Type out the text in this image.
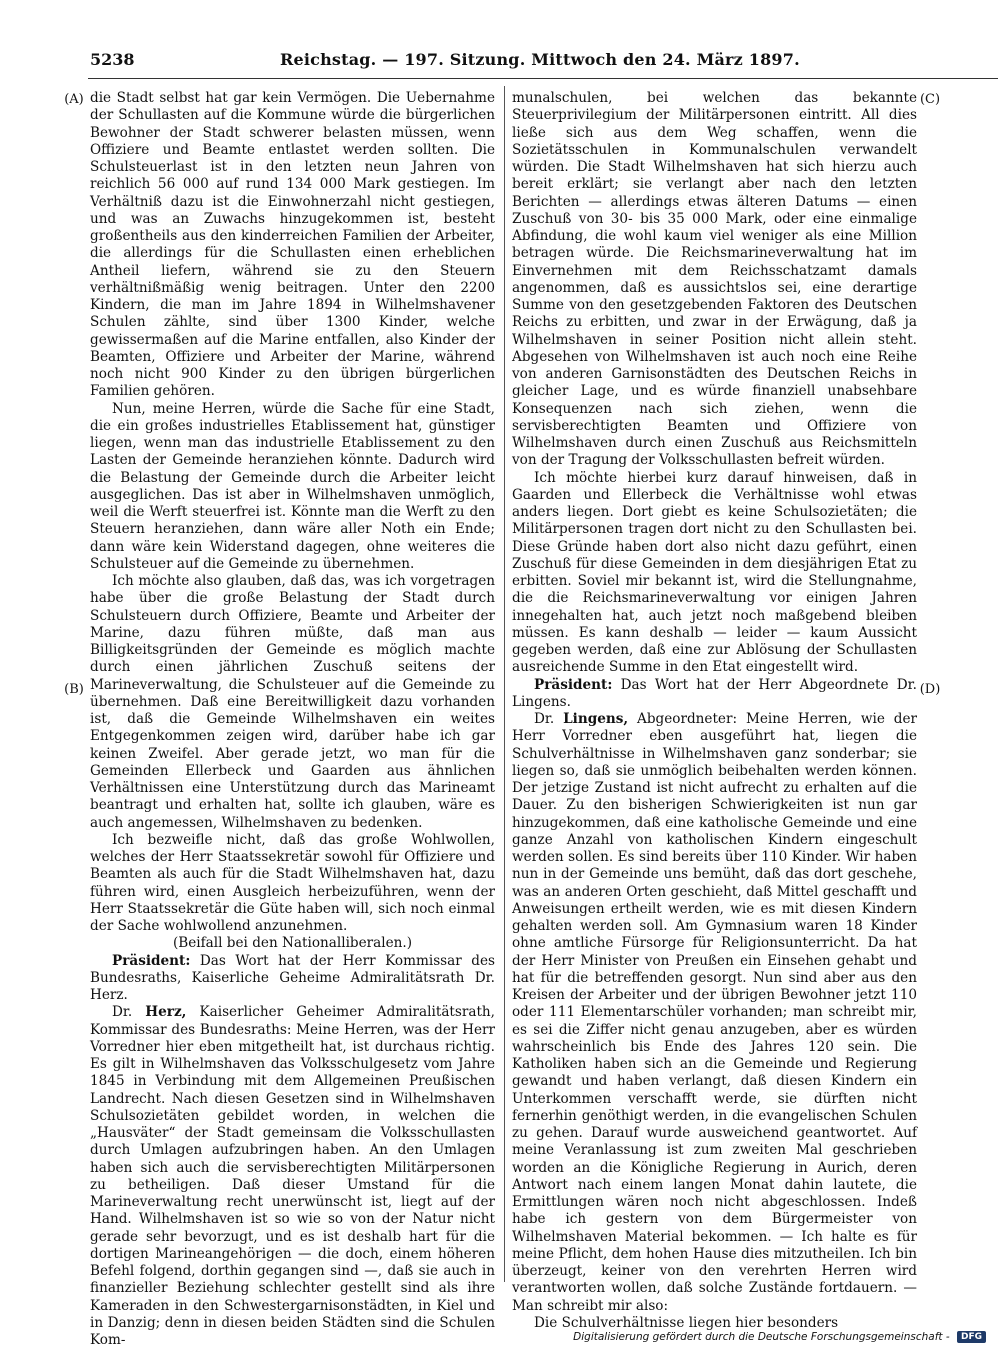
5238	Reichstag. — 197. Sitzung. Mittwoch den 24. März 1897.
(A)
(B)
(C)
(D)

die Stadt selbst hat gar kein Vermögen. Die Uebernahme der Schullasten auf die Kommune würde die bürgerlichen Bewohner der Stadt schwerer belasten müssen, wenn Offiziere und Beamte entlastet werden sollten. Die Schulsteuerlast ist in den letzten neun Jahren von reichlich 56 000 auf rund 134 000 Mark gestiegen. Im Verhältniß dazu ist die Einwohnerzahl nicht gestiegen, und was an Zuwachs hinzugekommen ist, besteht großentheils aus den kinderreichen Familien der Arbeiter, die allerdings für die Schullasten einen erheblichen Antheil liefern, während sie zu den Steuern verhältnißmäßig wenig beitragen. Unter den 2200 Kindern, die man im Jahre 1894 in Wilhelmshavener Schulen zählte, sind über 1300 Kinder, welche gewissermaßen auf die Marine entfallen, also Kinder der Beamten, Offiziere und Arbeiter der Marine, während noch nicht 900 Kinder zu den übrigen bürgerlichen Familien gehören.

Nun, meine Herren, würde die Sache für eine Stadt, die ein großes industrielles Etablissement hat, günstiger liegen, wenn man das industrielle Etablissement zu den Lasten der Gemeinde heranziehen könnte. Dadurch wird die Belastung der Gemeinde durch die Arbeiter leicht ausgeglichen. Das ist aber in Wilhelmshaven unmöglich, weil die Werft steuerfrei ist. Könnte man die Werft zu den Steuern heranziehen, dann wäre aller Noth ein Ende; dann wäre kein Widerstand dagegen, ohne weiteres die Schulsteuer auf die Gemeinde zu übernehmen.

Ich möchte also glauben, daß das, was ich vorgetragen habe über die große Belastung der Stadt durch Schulsteuern durch Offiziere, Beamte und Arbeiter der Marine, dazu führen müßte, daß man aus Billigkeitsgründen der Gemeinde es möglich machte durch einen jährlichen Zuschuß seitens der Marineverwaltung, die Schulsteuer auf die Gemeinde zu übernehmen. Daß eine Bereitwilligkeit dazu vorhanden ist, daß die Gemeinde Wilhelmshaven ein weites Entgegenkommen zeigen wird, darüber habe ich gar keinen Zweifel. Aber gerade jetzt, wo man für die Gemeinden Ellerbeck und Gaarden aus ähnlichen Verhältnissen eine Unterstützung durch das Marineamt beantragt und erhalten hat, sollte ich glauben, wäre es auch angemessen, Wilhelmshaven zu bedenken.

Ich bezweifle nicht, daß das große Wohlwollen, welches der Herr Staatssekretär sowohl für Offiziere und Beamten als auch für die Stadt Wilhelmshaven hat, dazu führen wird, einen Ausgleich herbeizuführen, wenn der Herr Staatssekretär die Güte haben will, sich noch einmal der Sache wohlwollend anzunehmen.

(Beifall bei den Nationalliberalen.)

Präsident: Das Wort hat der Herr Kommissar des Bundesraths, Kaiserliche Geheime Admiralitätsrath Dr. Herz.

Dr. Herz, Kaiserlicher Geheimer Admiralitätsrath, Kommissar des Bundesraths: Meine Herren, was der Herr Vorredner hier eben mitgetheilt hat, ist durchaus richtig. Es gilt in Wilhelmshaven das Volksschulgesetz vom Jahre 1845 in Verbindung mit dem Allgemeinen Preußischen Landrecht. Nach diesen Gesetzen sind in Wilhelmshaven Schulsozietäten gebildet worden, in welchen die „Hausväter“ der Stadt gemeinsam die Volksschullasten durch Umlagen aufzubringen haben. An den Umlagen haben sich auch die servisberechtigten Militärpersonen zu betheiligen. Daß dieser Umstand für die Marineverwaltung recht unerwünscht ist, liegt auf der Hand. Wilhelmshaven ist so wie so von der Natur nicht gerade sehr bevorzugt, und es ist deshalb hart für die dortigen Marineangehörigen — die doch, einem höheren Befehl folgend, dorthin gegangen sind —, daß sie auch in finanzieller Beziehung schlechter gestellt sind als ihre Kameraden in den Schwestergarnisonstädten, in Kiel und in Danzig; denn in diesen beiden Städten sind die Schulen Kom-

munalschulen, bei welchen das bekannte Steuerprivilegium der Militärpersonen eintritt. All dies ließe sich aus dem Weg schaffen, wenn die Sozietätsschulen in Kommunalschulen verwandelt würden. Die Stadt Wilhelmshaven hat sich hierzu auch bereit erklärt; sie verlangt aber nach den letzten Berichten — allerdings etwas älteren Datums — einen Zuschuß von 30- bis 35 000 Mark, oder eine einmalige Abfindung, die wohl kaum viel weniger als eine Million betragen würde. Die Reichsmarineverwaltung hat im Einvernehmen mit dem Reichsschatzamt damals angenommen, daß es aussichtslos sei, eine derartige Summe von den gesetzgebenden Faktoren des Deutschen Reichs zu erbitten, und zwar in der Erwägung, daß ja Wilhelmshaven in seiner Position nicht allein steht. Abgesehen von Wilhelmshaven ist auch noch eine Reihe von anderen Garnisonstädten des Deutschen Reichs in gleicher Lage, und es würde finanziell unabsehbare Konsequenzen nach sich ziehen, wenn die servisberechtigten Beamten und Offiziere von Wilhelmshaven durch einen Zuschuß aus Reichsmitteln von der Tragung der Volksschullasten befreit würden.

Ich möchte hierbei kurz darauf hinweisen, daß in Gaarden und Ellerbeck die Verhältnisse wohl etwas anders liegen. Dort giebt es keine Schulsozietäten; die Militärpersonen tragen dort nicht zu den Schullasten bei. Diese Gründe haben dort also nicht dazu geführt, einen Zuschuß für diese Gemeinden in dem diesjährigen Etat zu erbitten. Soviel mir bekannt ist, wird die Stellungnahme, die die Reichsmarineverwaltung vor einigen Jahren innegehalten hat, auch jetzt noch maßgebend bleiben müssen. Es kann deshalb — leider — kaum Aussicht gegeben werden, daß eine zur Ablösung der Schullasten ausreichende Summe in den Etat eingestellt wird.

Präsident: Das Wort hat der Herr Abgeordnete Dr. Lingens.

Dr. Lingens, Abgeordneter: Meine Herren, wie der Herr Vorredner eben ausgeführt hat, liegen die Schulverhältnisse in Wilhelmshaven ganz sonderbar; sie liegen so, daß sie unmöglich beibehalten werden können. Der jetzige Zustand ist nicht aufrecht zu erhalten auf die Dauer. Zu den bisherigen Schwierigkeiten ist nun gar hinzugekommen, daß eine katholische Gemeinde und eine ganze Anzahl von katholischen Kindern eingeschult werden sollen. Es sind bereits über 110 Kinder. Wir haben nun in der Gemeinde uns bemüht, daß das dort geschehe, was an anderen Orten geschieht, daß Mittel geschafft und Anweisungen ertheilt werden, wie es mit diesen Kindern gehalten werden soll. Am Gymnasium waren 18 Kinder ohne amtliche Fürsorge für Religionsunterricht. Da hat der Herr Minister von Preußen ein Einsehen gehabt und hat für die betreffenden gesorgt. Nun sind aber aus den Kreisen der Arbeiter und der übrigen Bewohner jetzt 110 oder 111 Elementarschüler vorhanden; man schreibt mir, es sei die Ziffer nicht genau anzugeben, aber es würden wahrscheinlich bis Ende des Jahres 120 sein. Die Katholiken haben sich an die Gemeinde und Regierung gewandt und haben verlangt, daß diesen Kindern ein Unterkommen verschafft werde, sie dürften nicht fernerhin genöthigt werden, in die evangelischen Schulen zu gehen. Darauf wurde ausweichend geantwortet. Auf meine Veranlassung ist zum zweiten Mal geschrieben worden an die Königliche Regierung in Aurich, deren Antwort nach einem langen Monat dahin lautete, die Ermittlungen wären noch nicht abgeschlossen. Indeß habe ich gestern von dem Bürgermeister von Wilhelmshaven Material bekommen. — Ich halte es für meine Pflicht, dem hohen Hause dies mitzutheilen. Ich bin überzeugt, keiner von den verehrten Herren wird verantworten wollen, daß solche Zustände fortdauern. — Man schreibt mir also:

Die Schulverhältnisse liegen hier besonders

Digitalisierung gefördert durch die Deutsche Forschungsgemeinschaft - DFG
